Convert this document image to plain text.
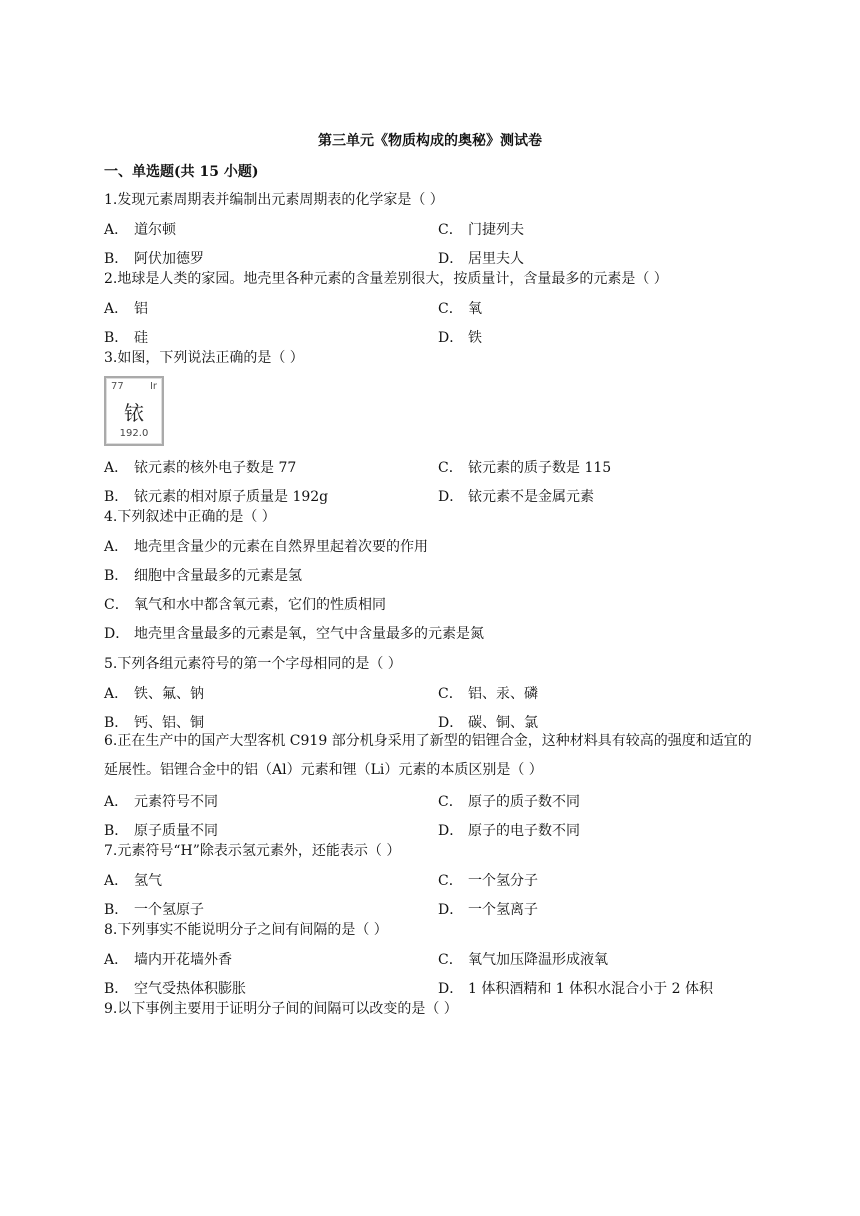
第三单元《物质构成的奥秘》测试卷
一、单选题(共 15 小题)
1.发现元素周期表并编制出元素周期表的化学家是（ ）
A． 道尔顿	C． 门捷列夫
B． 阿伏加德罗	D． 居里夫人
2.地球是人类的家园。地壳里各种元素的含量差别很大，按质量计，含量最多的元素是（ ）
A． 铝	C． 氧
B． 硅	D． 铁
3.如图，下列说法正确的是（ ）
77	Ir
铱
192.0
A． 铱元素的核外电子数是 77	C． 铱元素的质子数是 115
B． 铱元素的相对原子质量是 192g	D． 铱元素不是金属元素
4.下列叙述中正确的是（ ）
A． 地壳里含量少的元素在自然界里起着次要的作用
B． 细胞中含量最多的元素是氢
C． 氧气和水中都含氧元素，它们的性质相同
D． 地壳里含量最多的元素是氧，空气中含量最多的元素是氮
5.下列各组元素符号的第一个字母相同的是（ ）
A． 铁、氟、钠	C． 铝、汞、磷
B． 钙、铝、铜	D． 碳、铜、氯
6.正在生产中的国产大型客机 C919 部分机身采用了新型的铝锂合金，这种材料具有较高的强度和适宜的延展性。铝锂合金中的铝（Al）元素和锂（Li）元素的本质区别是（ ）
A． 元素符号不同	C． 原子的质子数不同
B． 原子质量不同	D． 原子的电子数不同
7.元素符号“H”除表示氢元素外，还能表示（ ）
A． 氢气	C． 一个氢分子
B． 一个氢原子	D． 一个氢离子
8.下列事实不能说明分子之间有间隔的是（ ）
A． 墙内开花墙外香	C． 氧气加压降温形成液氧
B． 空气受热体积膨胀	D． 1 体积酒精和 1 体积水混合小于 2 体积
9.以下事例主要用于证明分子间的间隔可以改变的是（ ）
